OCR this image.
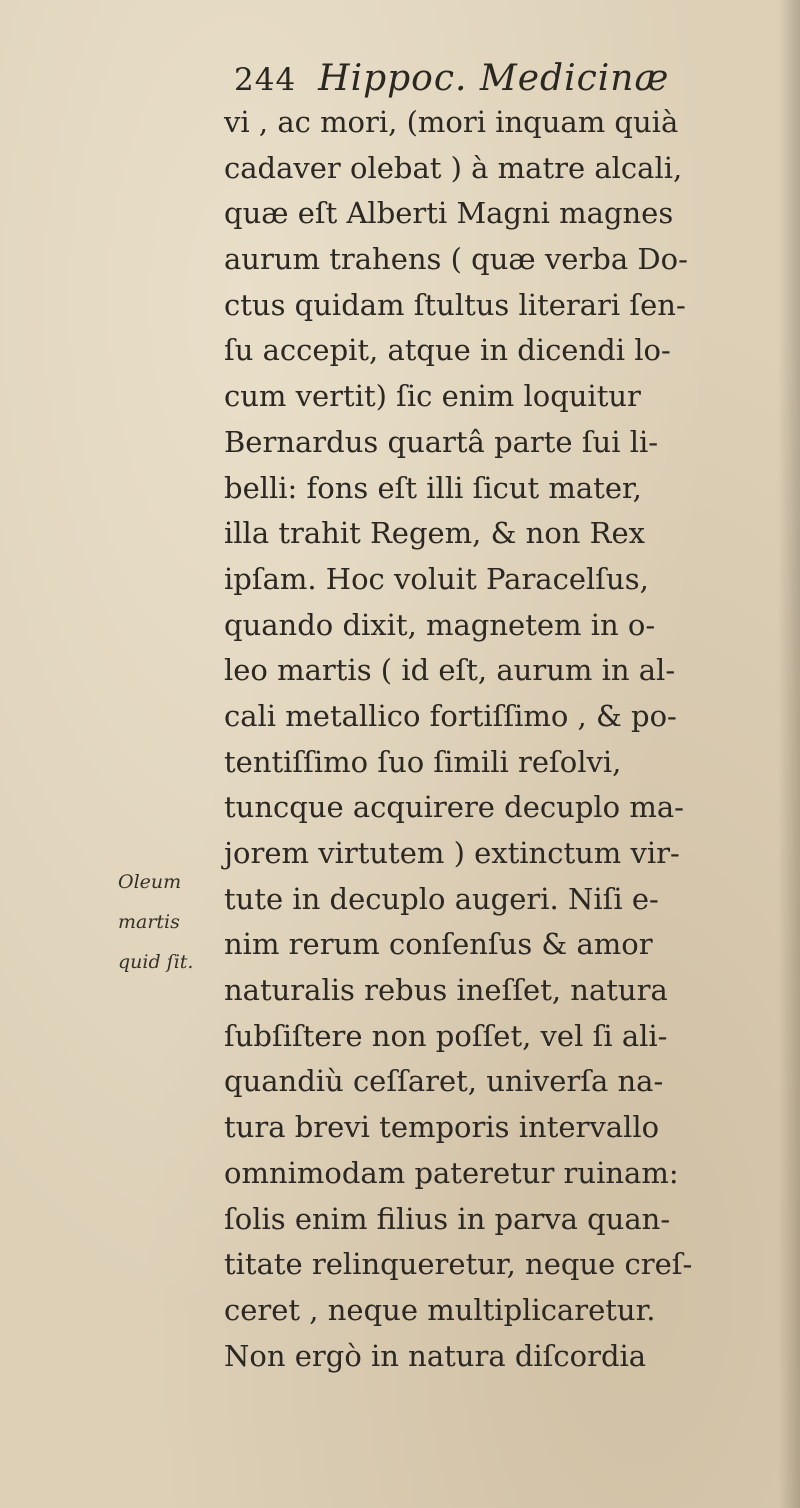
244 Hippoc. Medicinæ
vi , ac mori, (mori inquam quià
cadaver olebat ) à matre alcali,
quæ eſt Alberti Magni magnes
aurum trahens ( quæ verba Do-
ctus quidam ſtultus literari ſen-
ſu accepit, atque in dicendi lo-
cum vertit) ſic enim loquitur
Bernardus quartâ parte ſui li-
belli: fons eſt illi ſicut mater,
illa trahit Regem, & non Rex
ipſam. Hoc voluit Paracelſus,
quando dixit, magnetem in o-
leo martis ( id eſt, aurum in al-
cali metallico fortiſſimo , & po-
tentiſſimo ſuo ſimili reſolvi,
tuncque acquirere decuplo ma-
jorem virtutem ) extinctum vir-
tute in decuplo augeri. Niſi e-
nim rerum conſenſus & amor
naturalis rebus ineſſet, natura
ſubſiſtere non poſſet, vel ſi ali-
quandiù ceſſaret, univerſa na-
tura brevi temporis intervallo
omnimodam pateretur ruinam:
ſolis enim filius in parva quan-
titate relinqueretur, neque creſ-
ceret , neque multiplicaretur.
Non ergò in natura diſcordia
Oleum
martis
quid ſit.
